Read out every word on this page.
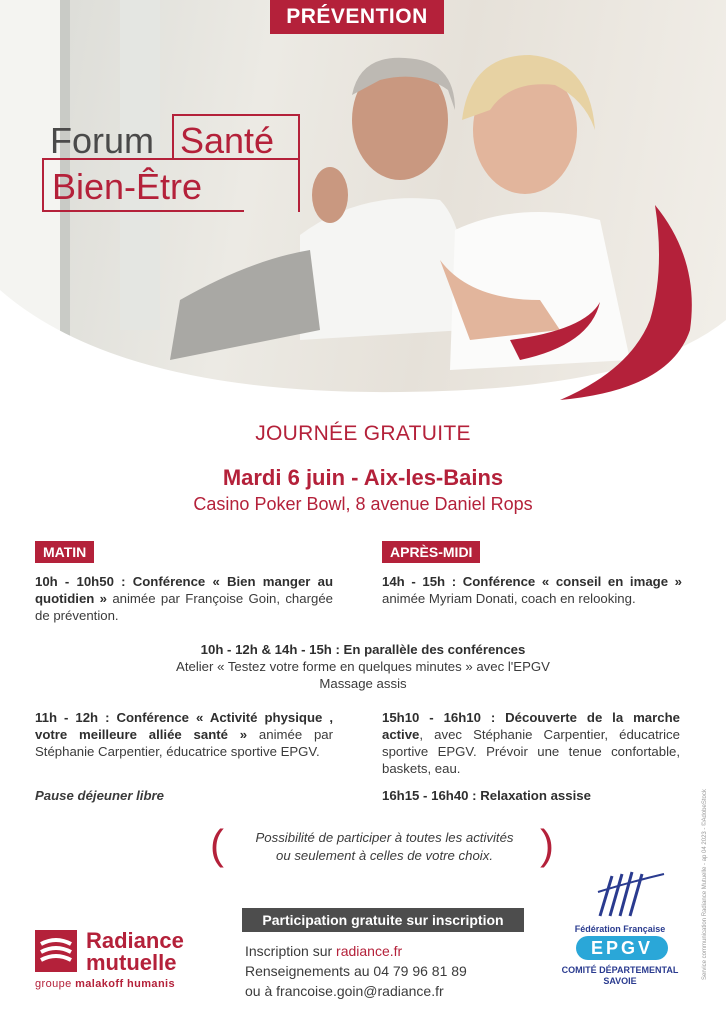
PRÉVENTION
Forum Santé
Bien-Être
JOURNÉE GRATUITE
Mardi 6 juin - Aix-les-Bains
Casino Poker Bowl, 8 avenue Daniel Rops
MATIN	APRÈS-MIDI
10h - 10h50 : Conférence « Bien manger au quotidien » animée par Françoise Goin, chargée de prévention.
14h - 15h : Conférence « conseil en image » animée Myriam Donati, coach en relooking.
10h - 12h & 14h - 15h : En parallèle des conférences
Atelier « Testez votre forme en quelques minutes » avec l'EPGV
Massage assis
11h - 12h : Conférence « Activité physique , votre meilleure alliée santé » animée par Stéphanie Carpentier, éducatrice sportive EPGV.
15h10 - 16h10 : Découverte de la marche active, avec Stéphanie Carpentier, éducatrice sportive EPGV. Prévoir une tenue confortable, baskets, eau.
Pause déjeuner libre	16h15 - 16h40 : Relaxation assise
(	)
Possibilité de participer à toutes les activités
ou seulement à celles de votre choix.
Participation gratuite sur inscription
Inscription sur radiance.fr
Renseignements au 04 79 96 81 89
ou à francoise.goin@radiance.fr
Radiance
mutuelle
groupe malakoff humanis
Fédération Française
EPGV
COMITÉ DÉPARTEMENTAL
SAVOIE
Service communication Radiance Mutuelle - ap 04 2023 - ©AdobeStock
